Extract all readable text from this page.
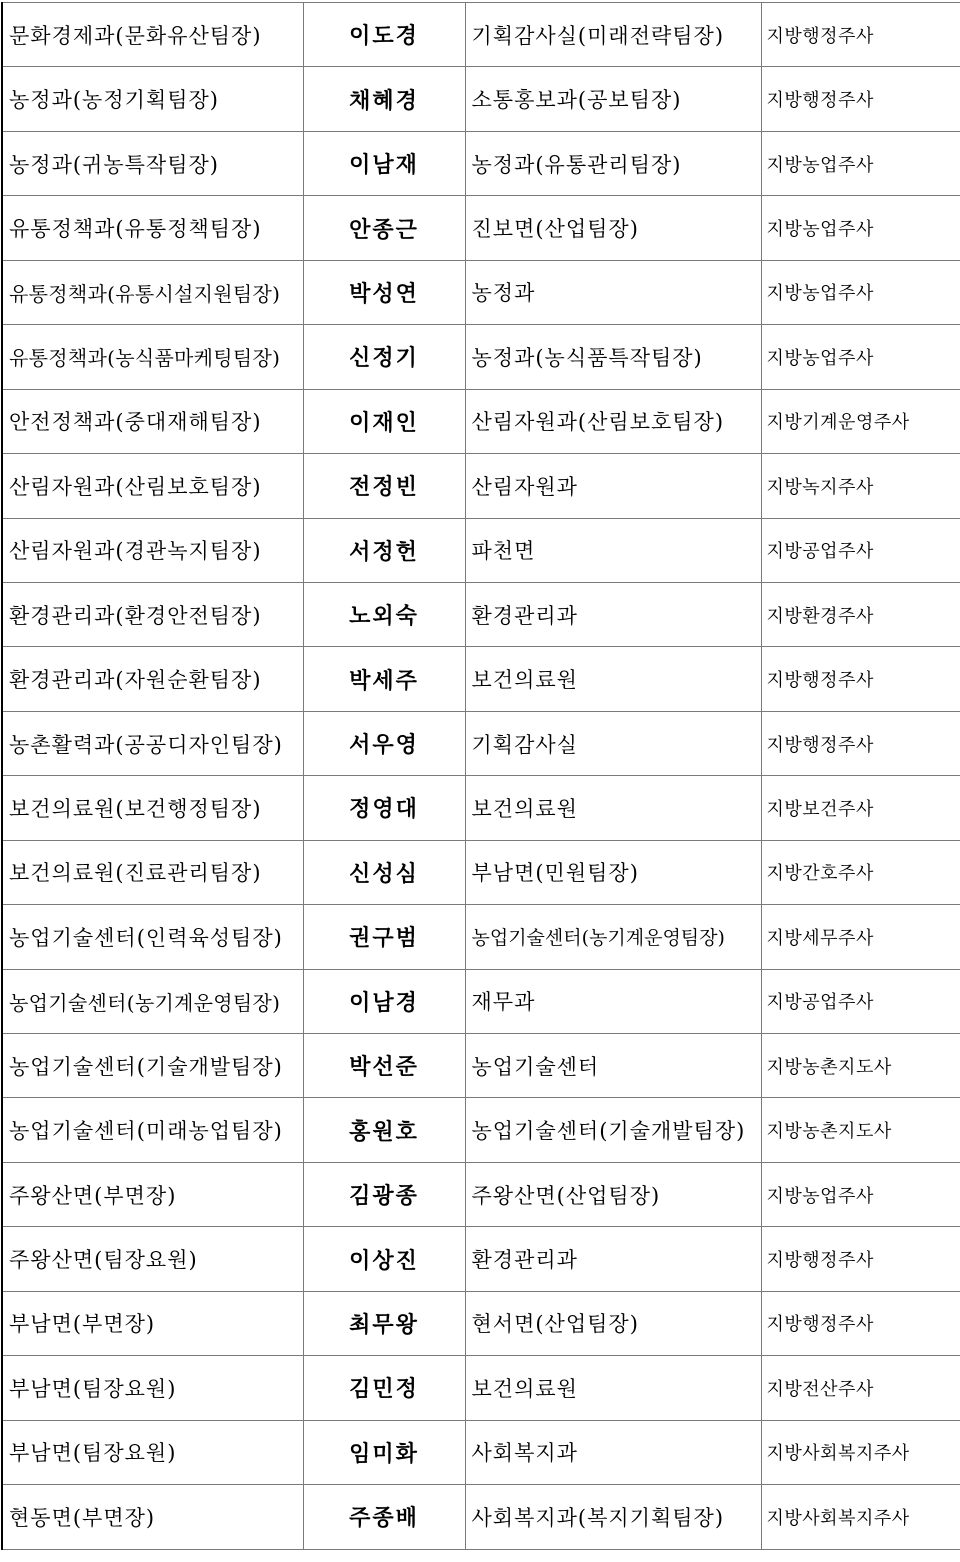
문화경제과(문화유산팀장)	이도경	기획감사실(미래전략팀장)	지방행정주사
농정과(농정기획팀장)	채혜경	소통홍보과(공보팀장)	지방행정주사
농정과(귀농특작팀장)	이남재	농정과(유통관리팀장)	지방농업주사
유통정책과(유통정책팀장)	안종근	진보면(산업팀장)	지방농업주사
유통정책과(유통시설지원팀장)	박성연	농정과	지방농업주사
유통정책과(농식품마케팅팀장)	신정기	농정과(농식품특작팀장)	지방농업주사
안전정책과(중대재해팀장)	이재인	산림자원과(산림보호팀장)	지방기계운영주사
산림자원과(산림보호팀장)	전정빈	산림자원과	지방녹지주사
산림자원과(경관녹지팀장)	서정헌	파천면	지방공업주사
환경관리과(환경안전팀장)	노외숙	환경관리과	지방환경주사
환경관리과(자원순환팀장)	박세주	보건의료원	지방행정주사
농촌활력과(공공디자인팀장)	서우영	기획감사실	지방행정주사
보건의료원(보건행정팀장)	정영대	보건의료원	지방보건주사
보건의료원(진료관리팀장)	신성심	부남면(민원팀장)	지방간호주사
농업기술센터(인력육성팀장)	권구범	농업기술센터(농기계운영팀장)	지방세무주사
농업기술센터(농기계운영팀장)	이남경	재무과	지방공업주사
농업기술센터(기술개발팀장)	박선준	농업기술센터	지방농촌지도사
농업기술센터(미래농업팀장)	홍원호	농업기술센터(기술개발팀장)	지방농촌지도사
주왕산면(부면장)	김광종	주왕산면(산업팀장)	지방농업주사
주왕산면(팀장요원)	이상진	환경관리과	지방행정주사
부남면(부면장)	최무왕	현서면(산업팀장)	지방행정주사
부남면(팀장요원)	김민정	보건의료원	지방전산주사
부남면(팀장요원)	임미화	사회복지과	지방사회복지주사
현동면(부면장)	주종배	사회복지과(복지기획팀장)	지방사회복지주사
